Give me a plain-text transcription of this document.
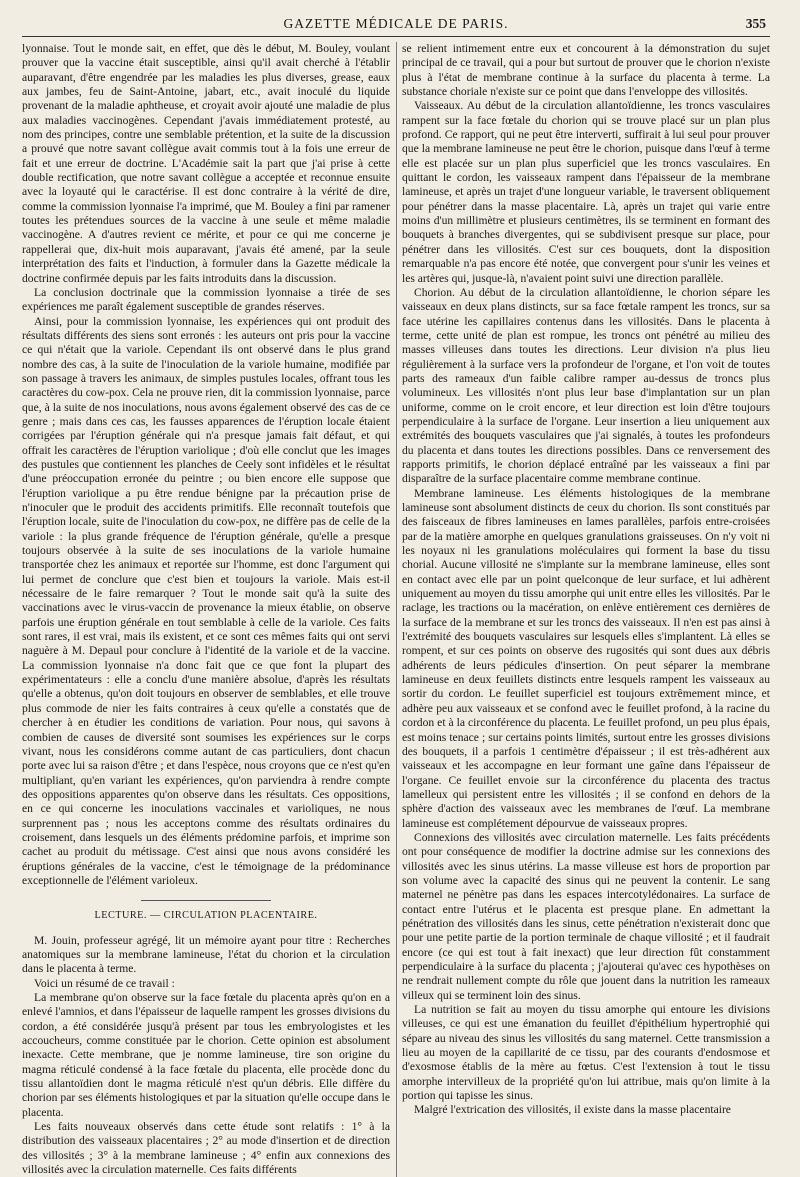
GAZETTE MÉDICALE DE PARIS.	355

lyonnaise. Tout le monde sait, en effet, que dès le début, M. Bouley, voulant prouver que la vaccine était susceptible, ainsi qu'il avait cherché à l'établir auparavant, d'être engendrée par les maladies les plus diverses, grease, eaux aux jambes, feu de Saint-Antoine, jabart, etc., avait inoculé du liquide provenant de la maladie aphtheuse, et croyait avoir ajouté une maladie de plus aux maladies vaccinogènes. Cependant j'avais immédiatement protesté, au nom des principes, contre une semblable prétention, et la suite de la discussion a prouvé que notre savant collègue avait commis tout à la fois une erreur de fait et une erreur de doctrine. L'Académie sait la part que j'ai prise à cette double rectification, que notre savant collègue a acceptée et reconnue ensuite avec la loyauté qui le caractérise. Il est donc contraire à la vérité de dire, comme la commission lyonnaise l'a imprimé, que M. Bouley a fini par ramener toutes les prétendues sources de la vaccine à une seule et même maladie vaccinogène. A d'autres revient ce mérite, et pour ce qui me concerne je rappellerai que, dix-huit mois auparavant, j'avais été amené, par la seule interprétation des faits et l'induction, à formuler dans la Gazette médicale la doctrine confirmée depuis par les faits introduits dans la discussion.

La conclusion doctrinale que la commission lyonnaise a tirée de ses expériences me paraît également susceptible de grandes réserves.

Ainsi, pour la commission lyonnaise, les expériences qui ont produit des résultats différents des siens sont erronés : les auteurs ont pris pour la vaccine ce qui n'était que la variole. Cependant ils ont observé dans le plus grand nombre des cas, à la suite de l'inoculation de la variole humaine, modifiée par son passage à travers les animaux, de simples pustules locales, offrant tous les caractères du cow-pox. Cela ne prouve rien, dit la commission lyonnaise, parce que, à la suite de nos inoculations, nous avons également observé des cas de ce genre ; mais dans ces cas, les fausses apparences de l'éruption locale étaient corrigées par l'éruption générale qui n'a presque jamais fait défaut, et qui offrait les caractères de l'éruption variolique ; d'où elle conclut que les images des pustules que contiennent les planches de Ceely sont infidèles et le résultat d'une préoccupation erronée du peintre ; ou bien encore elle suppose que l'éruption variolique a pu être rendue bénigne par la précaution prise de n'inoculer que le produit des accidents primitifs. Elle reconnaît toutefois que l'éruption locale, suite de l'inoculation du cow-pox, ne diffère pas de celle de la variole : la plus grande fréquence de l'éruption générale, qu'elle a presque toujours observée à la suite de ses inoculations de la variole humaine transportée chez les animaux et reportée sur l'homme, est donc l'argument qui lui permet de conclure que c'est bien et toujours la variole. Mais est-il nécessaire de le faire remarquer ? Tout le monde sait qu'à la suite des vaccinations avec le virus-vaccin de provenance la mieux établie, on observe parfois une éruption générale en tout semblable à celle de la variole. Ces faits sont rares, il est vrai, mais ils existent, et ce sont ces mêmes faits qui ont servi naguère à M. Depaul pour conclure à l'identité de la variole et de la vaccine. La commission lyonnaise n'a donc fait que ce que font la plupart des expérimentateurs : elle a conclu d'une manière absolue, d'après les résultats qu'elle a obtenus, qu'on doit toujours en observer de semblables, et elle trouve plus commode de nier les faits contraires à ceux qu'elle a constatés que de chercher à en étudier les conditions de variation. Pour nous, qui savons à combien de causes de diversité sont soumises les expériences sur le corps vivant, nous les considérons comme autant de cas particuliers, dont chacun porte avec lui sa raison d'être ; et dans l'espèce, nous croyons que ce n'est qu'en multipliant, qu'en variant les expériences, qu'on parviendra à rendre compte des oppositions apparentes qu'on observe dans les résultats. Ces oppositions, en ce qui concerne les inoculations vaccinales et varioliques, ne nous surprennent pas ; nous les acceptons comme des résultats ordinaires du croisement, dans lesquels un des éléments prédomine parfois, et imprime son cachet au produit du métissage. C'est ainsi que nous avons considéré les éruptions générales de la vaccine, c'est le témoignage de la prédominance exceptionnelle de l'élément varioleux.

LECTURE. — CIRCULATION PLACENTAIRE.

M. Jouin, professeur agrégé, lit un mémoire ayant pour titre : Recherches anatomiques sur la membrane lamineuse, l'état du chorion et la circulation dans le placenta à terme.

Voici un résumé de ce travail :

La membrane qu'on observe sur la face fœtale du placenta après qu'on en a enlevé l'amnios, et dans l'épaisseur de laquelle rampent les grosses divisions du cordon, a été considérée jusqu'à présent par tous les embryologistes et les accoucheurs, comme constituée par le chorion. Cette opinion est absolument inexacte. Cette membrane, que je nomme lamineuse, tire son origine du magma réticulé condensé à la face fœtale du placenta, elle procède donc du tissu allantoïdien dont le magma réticulé n'est qu'un débris. Elle diffère du chorion par ses éléments histologiques et par la situation qu'elle occupe dans le placenta.

Les faits nouveaux observés dans cette étude sont relatifs : 1° à la distribution des vaisseaux placentaires ; 2° au mode d'insertion et de direction des villosités ; 3° à la membrane lamineuse ; 4° enfin aux connexions des villosités avec la circulation maternelle. Ces faits différents

se relient intimement entre eux et concourent à la démonstration du sujet principal de ce travail, qui a pour but surtout de prouver que le chorion n'existe plus à l'état de membrane continue à la surface du placenta à terme. La substance choriale n'existe sur ce point que dans l'enveloppe des villosités.

Vaisseaux. Au début de la circulation allantoïdienne, les troncs vasculaires rampent sur la face fœtale du chorion qui se trouve placé sur un plan plus profond. Ce rapport, qui ne peut être interverti, suffirait à lui seul pour prouver que la membrane lamineuse ne peut être le chorion, puisque dans l'œuf à terme elle est placée sur un plan plus superficiel que les troncs vasculaires. En quittant le cordon, les vaisseaux rampent dans l'épaisseur de la membrane lamineuse, et après un trajet d'une longueur variable, le traversent obliquement pour pénétrer dans la masse placentaire. Là, après un trajet qui varie entre moins d'un millimètre et plusieurs centimètres, ils se terminent en formant des bouquets à branches divergentes, qui se subdivisent presque sur place, pour pénétrer dans les villosités. C'est sur ces bouquets, dont la disposition remarquable n'a pas encore été notée, que convergent pour s'unir les veines et les artères qui, jusque-là, n'avaient point suivi une direction parallèle.

Chorion. Au début de la circulation allantoïdienne, le chorion sépare les vaisseaux en deux plans distincts, sur sa face fœtale rampent les troncs, sur sa face utérine les capillaires contenus dans les villosités. Dans le placenta à terme, cette unité de plan est rompue, les troncs ont pénétré au milieu des masses villeuses dans toutes les directions. Leur division n'a plus lieu régulièrement à la surface vers la profondeur de l'organe, et l'on voit de toutes parts des rameaux d'un faible calibre ramper au-dessus de troncs plus volumineux. Les villosités n'ont plus leur base d'implantation sur un plan uniforme, comme on le croit encore, et leur direction est loin d'être toujours perpendiculaire à la surface de l'organe. Leur insertion a lieu uniquement aux extrémités des bouquets vasculaires que j'ai signalés, à toutes les profondeurs du placenta et dans toutes les directions possibles. Dans ce renversement des rapports primitifs, le chorion déplacé entraîné par les vaisseaux a fini par disparaître de la surface placentaire comme membrane continue.

Membrane lamineuse. Les éléments histologiques de la membrane lamineuse sont absolument distincts de ceux du chorion. Ils sont constitués par des faisceaux de fibres lamineuses en lames parallèles, parfois entre-croisées par de la matière amorphe en quelques granulations graisseuses. On n'y voit ni les noyaux ni les granulations moléculaires qui forment la base du tissu chorial. Aucune villosité ne s'implante sur la membrane lamineuse, elles sont en contact avec elle par un point quelconque de leur surface, et lui adhèrent uniquement au moyen du tissu amorphe qui unit entre elles les villosités. Par le raclage, les tractions ou la macération, on enlève entièrement ces dernières de la surface de la membrane et sur les troncs des vaisseaux. Il n'en est pas ainsi à l'extrémité des bouquets vasculaires sur lesquels elles s'implantent. Là elles se rompent, et sur ces points on observe des rugosités qui sont dues aux débris adhérents de leurs pédicules d'insertion. On peut séparer la membrane lamineuse en deux feuillets distincts entre lesquels rampent les vaisseaux au sortir du cordon. Le feuillet superficiel est toujours extrêmement mince, et adhère peu aux vaisseaux et se confond avec le feuillet profond, à la racine du cordon et à la circonférence du placenta. Le feuillet profond, un peu plus épais, est moins tenace ; sur certains points limités, surtout entre les grosses divisions des bouquets, il a parfois 1 centimètre d'épaisseur ; il est très-adhérent aux vaisseaux et les accompagne en leur formant une gaîne dans l'épaisseur de l'organe. Ce feuillet envoie sur la circonférence du placenta des tractus lamelleux qui persistent entre les villosités ; il se confond en dehors de la sphère d'action des vaisseaux avec les membranes de l'œuf. La membrane lamineuse est complétement dépourvue de vaisseaux propres.

Connexions des villosités avec circulation maternelle. Les faits précédents ont pour conséquence de modifier la doctrine admise sur les connexions des villosités avec les sinus utérins. La masse villeuse est hors de proportion par son volume avec la capacité des sinus qui ne peuvent la contenir. Le sang maternel ne pénètre pas dans les espaces intercotylédonaires. La surface de contact entre l'utérus et le placenta est presque plane. En admettant la pénétration des villosités dans les sinus, cette pénétration n'existerait donc que pour une petite partie de la portion terminale de chaque villosité ; et il faudrait encore (ce qui est tout à fait inexact) que leur direction fût constamment perpendiculaire à la surface du placenta ; j'ajouterai qu'avec ces hypothèses on ne rendrait nullement compte du rôle que jouent dans la nutrition les rameaux villeux qui se terminent loin des sinus.

La nutrition se fait au moyen du tissu amorphe qui entoure les divisions villeuses, ce qui est une émanation du feuillet d'épithélium hypertrophié qui sépare au niveau des sinus les villosités du sang maternel. Cette transmission a lieu au moyen de la capillarité de ce tissu, par des courants d'endosmose et d'exosmose établis de la mère au fœtus. C'est l'extension à tout le tissu amorphe intervilleux de la propriété qu'on lui attribue, mais qu'on limite à la portion qui tapisse les sinus.

Malgré l'extrication des villosités, il existe dans la masse placentaire
